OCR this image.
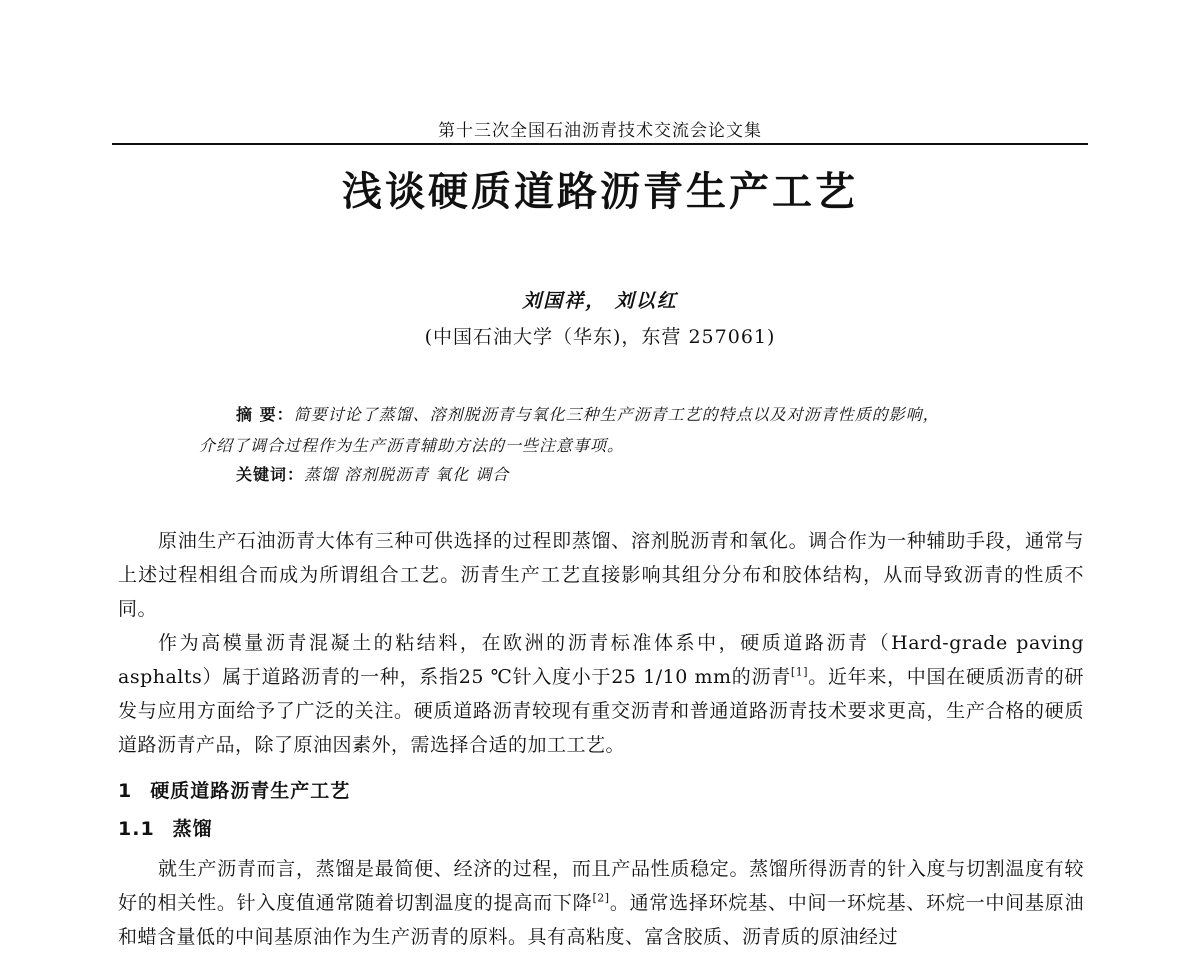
第十三次全国石油沥青技术交流会论文集
浅谈硬质道路沥青生产工艺
刘国祥， 刘以红
(中国石油大学（华东)，东营 257061)
摘 要：简要讨论了蒸馏、溶剂脱沥青与氧化三种生产沥青工艺的特点以及对沥青性质的影响，
介绍了调合过程作为生产沥青辅助方法的一些注意事项。
关键词：蒸馏 溶剂脱沥青 氧化 调合
原油生产石油沥青大体有三种可供选择的过程即蒸馏、溶剂脱沥青和氧化。调合作为一种辅助手段，通常与上述过程相组合而成为所谓组合工艺。沥青生产工艺直接影响其组分分布和胶体结构，从而导致沥青的性质不同。
作为高模量沥青混凝土的粘结料，在欧洲的沥青标准体系中，硬质道路沥青（Hard-grade paving asphalts）属于道路沥青的一种，系指25 ℃针入度小于25 1/10 mm的沥青[1]。近年来，中国在硬质沥青的研发与应用方面给予了广泛的关注。硬质道路沥青较现有重交沥青和普通道路沥青技术要求更高，生产合格的硬质道路沥青产品，除了原油因素外，需选择合适的加工工艺。
1 硬质道路沥青生产工艺
1.1 蒸馏
就生产沥青而言，蒸馏是最简便、经济的过程，而且产品性质稳定。蒸馏所得沥青的针入度与切割温度有较好的相关性。针入度值通常随着切割温度的提高而下降[2]。通常选择环烷基、中间一环烷基、环烷一中间基原油和蜡含量低的中间基原油作为生产沥青的原料。具有高粘度、富含胶质、沥青质的原油经过
